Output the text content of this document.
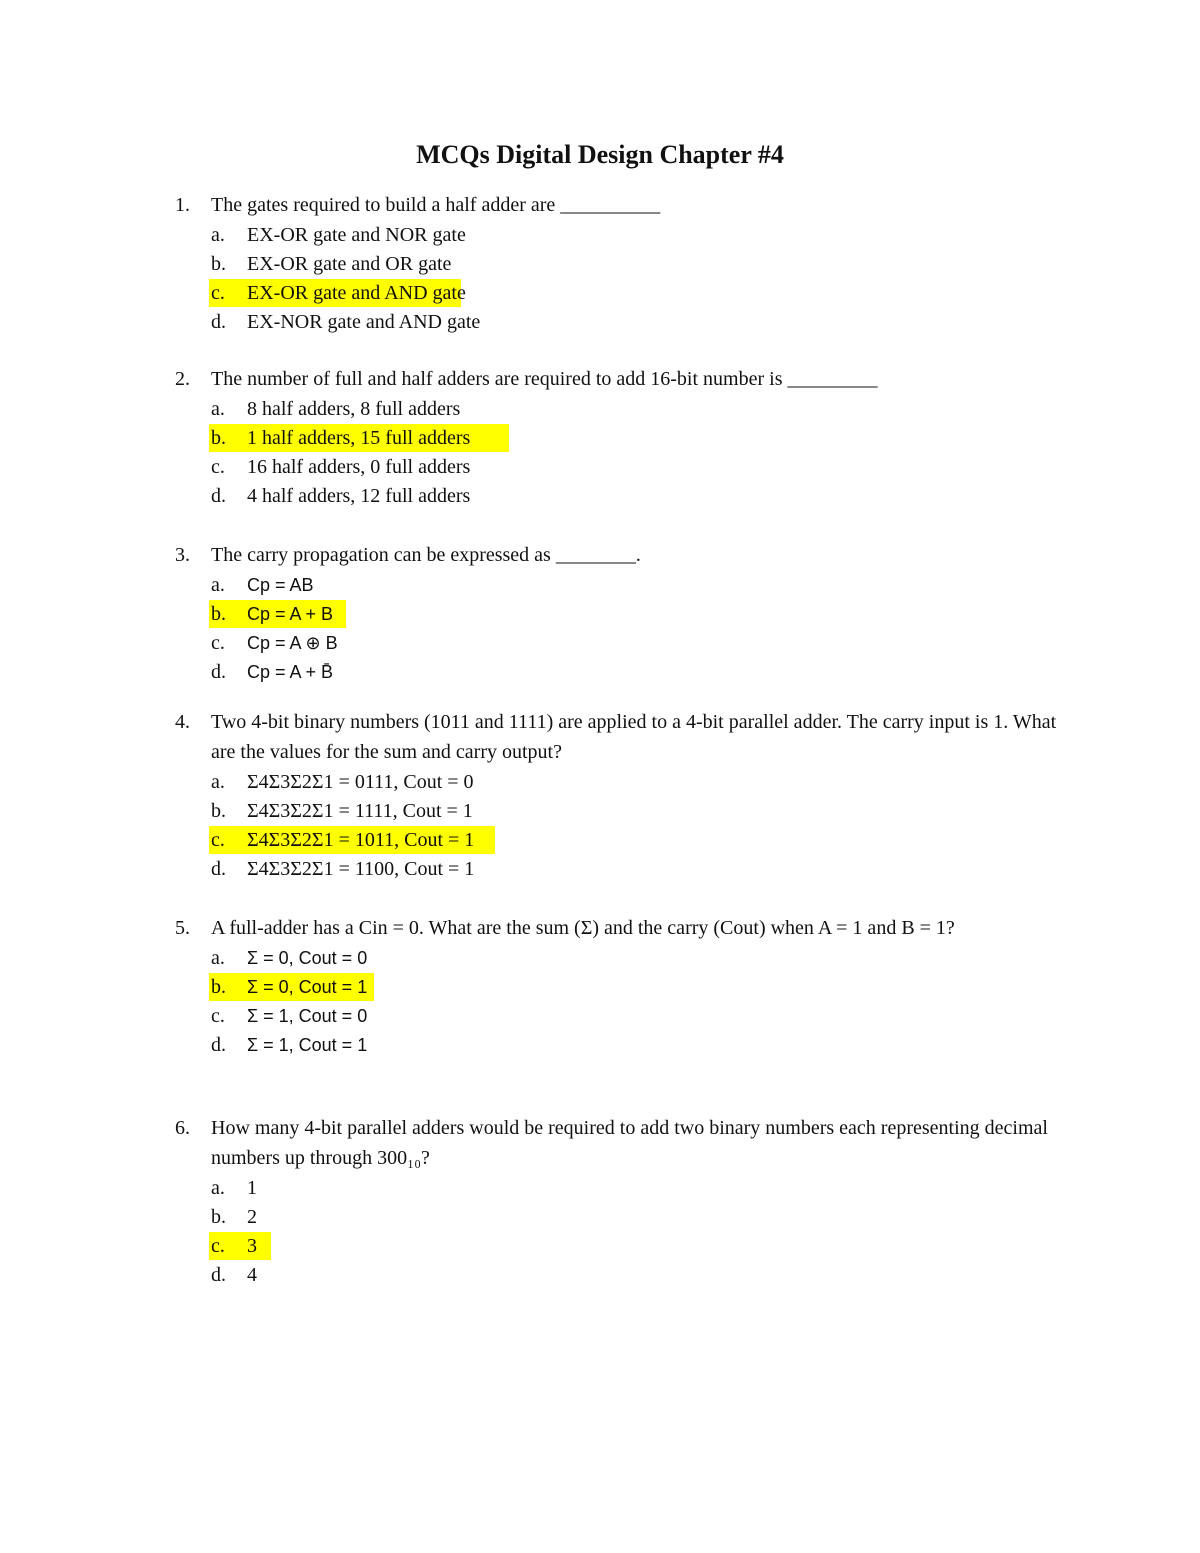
MCQs Digital Design Chapter #4
1. The gates required to build a half adder are __________
a. EX-OR gate and NOR gate
b. EX-OR gate and OR gate
c. EX-OR gate and AND gate
d. EX-NOR gate and AND gate
2. The number of full and half adders are required to add 16-bit number is _________
a. 8 half adders, 8 full adders
b. 1 half adders, 15 full adders
c. 16 half adders, 0 full adders
d. 4 half adders, 12 full adders
3. The carry propagation can be expressed as ________.
a. Cp = AB
b. Cp = A + B
c. Cp = A ⊕ B
d. Cp = A + B̄
4. Two 4-bit binary numbers (1011 and 1111) are applied to a 4-bit parallel adder. The carry input is 1. What are the values for the sum and carry output?
a. Σ4Σ3Σ2Σ1 = 0111, Cout = 0
b. Σ4Σ3Σ2Σ1 = 1111, Cout = 1
c. Σ4Σ3Σ2Σ1 = 1011, Cout = 1
d. Σ4Σ3Σ2Σ1 = 1100, Cout = 1
5. A full-adder has a Cin = 0. What are the sum (Σ) and the carry (Cout) when A = 1 and B = 1?
a. Σ = 0, Cout = 0
b. Σ = 0, Cout = 1
c. Σ = 1, Cout = 0
d. Σ = 1, Cout = 1
6. How many 4-bit parallel adders would be required to add two binary numbers each representing decimal numbers up through 300₁₀?
a. 1
b. 2
c. 3
d. 4
